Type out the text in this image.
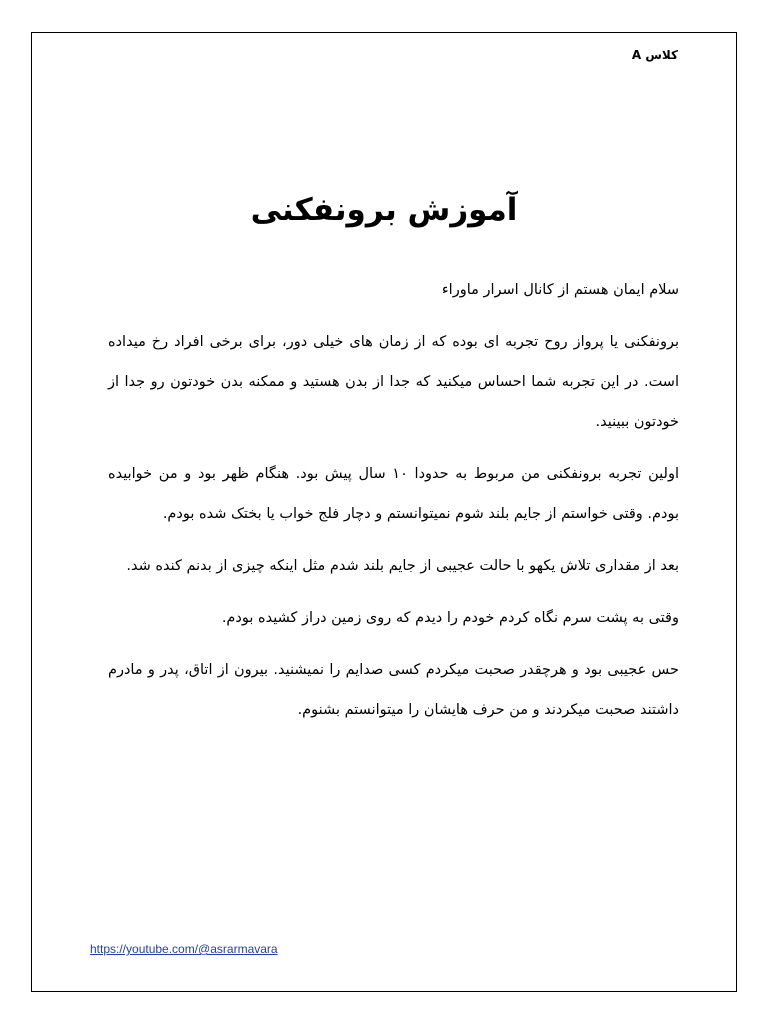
کلاس A
آموزش برونفکنی

سلام ایمان هستم از کانال اسرار ماوراء

برونفکنی یا پرواز روح تجربه ای بوده که از زمان های خیلی دور، برای برخی افراد رخ میداده است. در این تجربه شما احساس میکنید که جدا از بدن هستید و ممکنه بدن خودتون رو جدا از خودتون ببینید.

اولین تجربه برونفکنی من مربوط به حدودا ۱۰ سال پیش بود. هنگام ظهر بود و من خوابیده بودم. وقتی خواستم از جایم بلند شوم نمیتوانستم و دچار فلج خواب یا بختک شده بودم.

بعد از مقداری تلاش یکهو با حالت عجیبی از جایم بلند شدم مثل اینکه چیزی از بدنم کنده شد.

وقتی به پشت سرم نگاه کردم خودم را دیدم که روی زمین دراز کشیده بودم.

حس عجیبی بود و هرچقدر صحبت میکردم کسی صدایم را نمیشنید. بیرون از اتاق، پدر و مادرم داشتند صحبت میکردند و من حرف هایشان را میتوانستم بشنوم.

https://youtube.com/@asrarmavara
